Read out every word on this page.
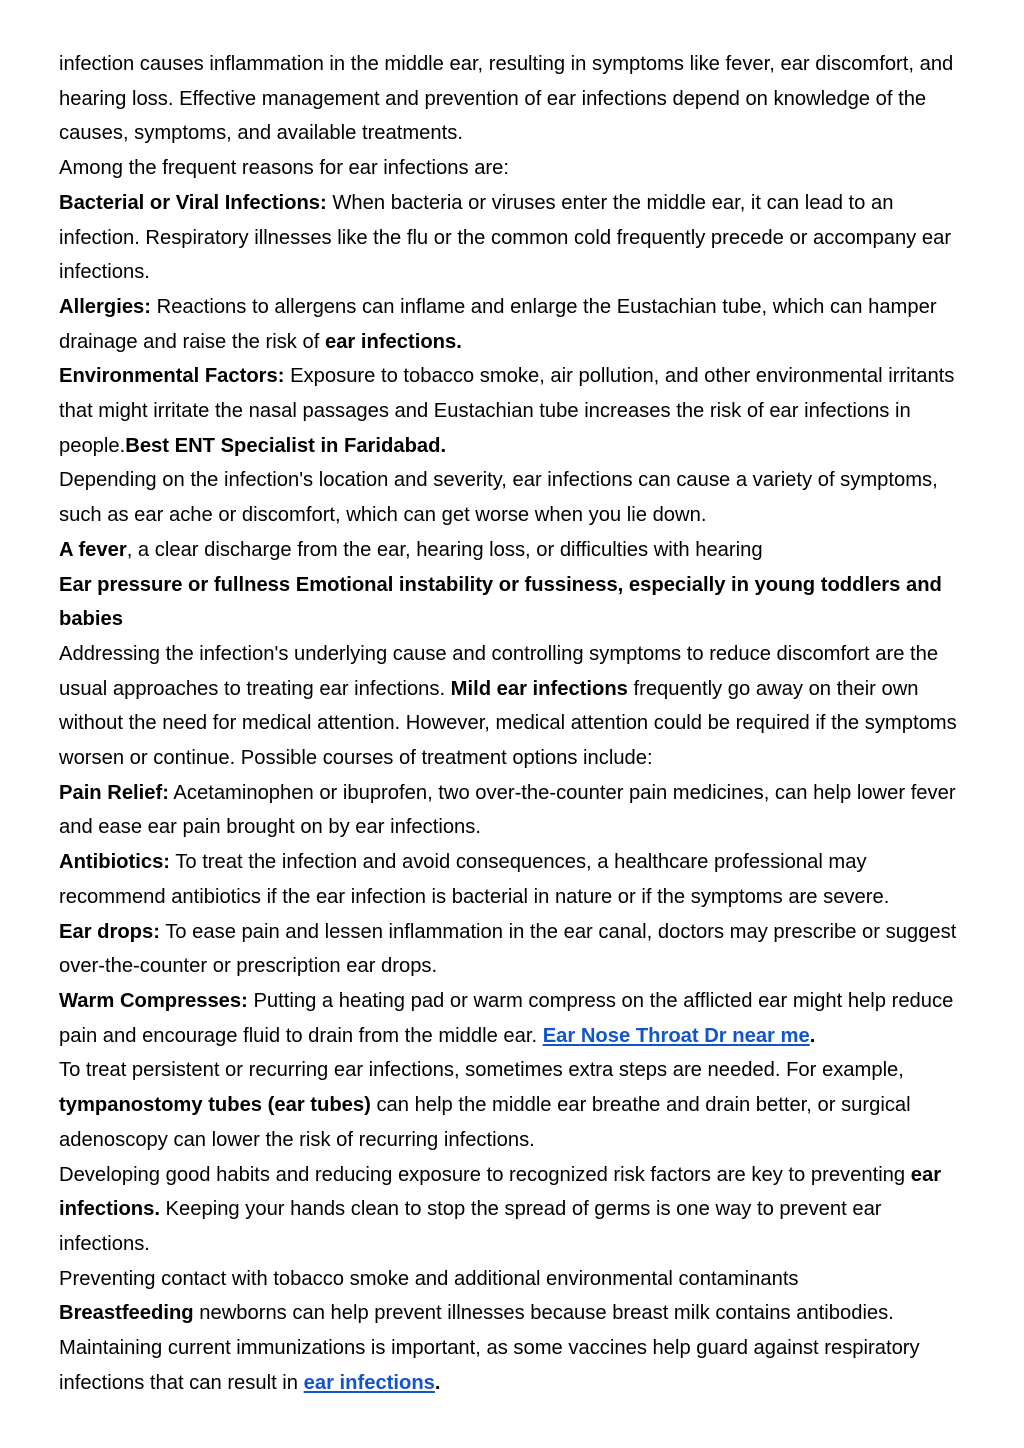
infection causes inflammation in the middle ear, resulting in symptoms like fever, ear discomfort, and hearing loss. Effective management and prevention of ear infections depend on knowledge of the causes, symptoms, and available treatments.

Among the frequent reasons for ear infections are:

Bacterial or Viral Infections: When bacteria or viruses enter the middle ear, it can lead to an infection. Respiratory illnesses like the flu or the common cold frequently precede or accompany ear infections.

Allergies: Reactions to allergens can inflame and enlarge the Eustachian tube, which can hamper drainage and raise the risk of ear infections.

Environmental Factors: Exposure to tobacco smoke, air pollution, and other environmental irritants that might irritate the nasal passages and Eustachian tube increases the risk of ear infections in people.Best ENT Specialist in Faridabad.

Depending on the infection's location and severity, ear infections can cause a variety of symptoms, such as ear ache or discomfort, which can get worse when you lie down.

A fever, a clear discharge from the ear, hearing loss, or difficulties with hearing

Ear pressure or fullness Emotional instability or fussiness, especially in young toddlers and babies

Addressing the infection's underlying cause and controlling symptoms to reduce discomfort are the usual approaches to treating ear infections. Mild ear infections frequently go away on their own without the need for medical attention. However, medical attention could be required if the symptoms worsen or continue. Possible courses of treatment options include:

Pain Relief: Acetaminophen or ibuprofen, two over-the-counter pain medicines, can help lower fever and ease ear pain brought on by ear infections.

Antibiotics: To treat the infection and avoid consequences, a healthcare professional may recommend antibiotics if the ear infection is bacterial in nature or if the symptoms are severe.

Ear drops: To ease pain and lessen inflammation in the ear canal, doctors may prescribe or suggest over-the-counter or prescription ear drops.

Warm Compresses: Putting a heating pad or warm compress on the afflicted ear might help reduce pain and encourage fluid to drain from the middle ear. Ear Nose Throat Dr near me.

To treat persistent or recurring ear infections, sometimes extra steps are needed. For example, tympanostomy tubes (ear tubes) can help the middle ear breathe and drain better, or surgical adenoscopy can lower the risk of recurring infections.

Developing good habits and reducing exposure to recognized risk factors are key to preventing ear infections. Keeping your hands clean to stop the spread of germs is one way to prevent ear infections.

Preventing contact with tobacco smoke and additional environmental contaminants

Breastfeeding newborns can help prevent illnesses because breast milk contains antibodies.

Maintaining current immunizations is important, as some vaccines help guard against respiratory infections that can result in ear infections.
